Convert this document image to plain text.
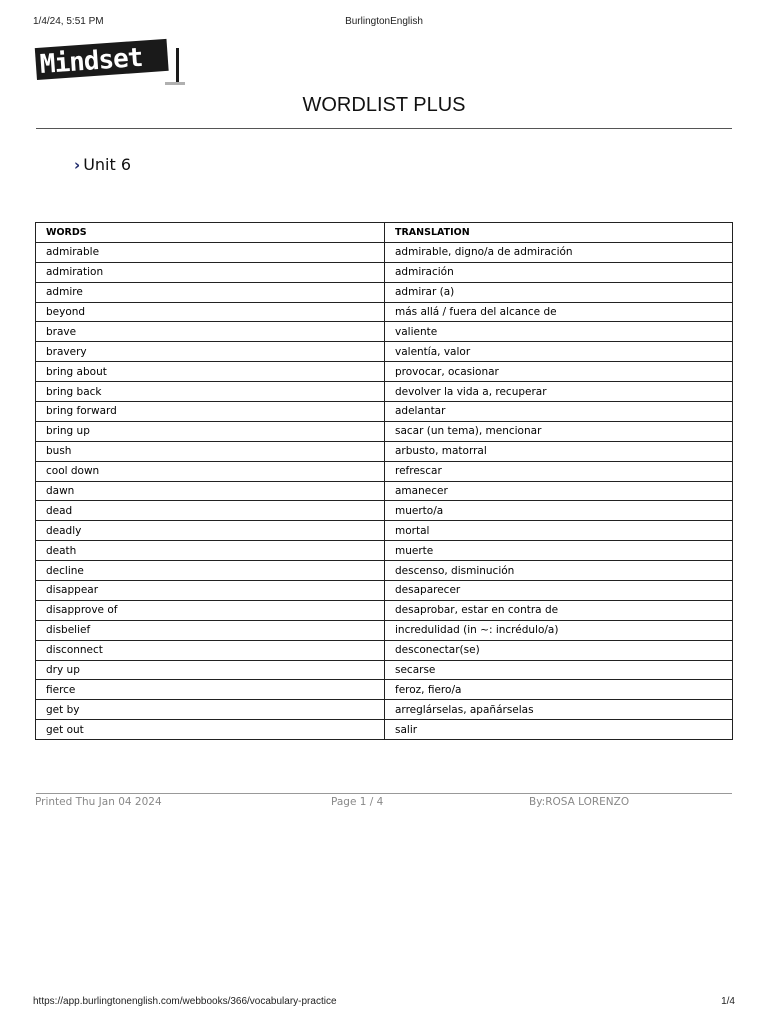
1/4/24, 5:51 PM	BurlingtonEnglish
Mindset
WORDLIST PLUS
› Unit 6
WORDS	TRANSLATION
admirable	admirable, digno/a de admiración
admiration	admiración
admire	admirar (a)
beyond	más allá / fuera del alcance de
brave	valiente
bravery	valentía, valor
bring about	provocar, ocasionar
bring back	devolver la vida a, recuperar
bring forward	adelantar
bring up	sacar (un tema), mencionar
bush	arbusto, matorral
cool down	refrescar
dawn	amanecer
dead	muerto/a
deadly	mortal
death	muerte
decline	descenso, disminución
disappear	desaparecer
disapprove of	desaprobar, estar en contra de
disbelief	incredulidad (in ~: incrédulo/a)
disconnect	desconectar(se)
dry up	secarse
fierce	feroz, fiero/a
get by	arreglárselas, apañárselas
get out	salir
Printed Thu Jan 04 2024	Page 1 / 4	By:ROSA LORENZO
https://app.burlingtonenglish.com/webbooks/366/vocabulary-practice	1/4
